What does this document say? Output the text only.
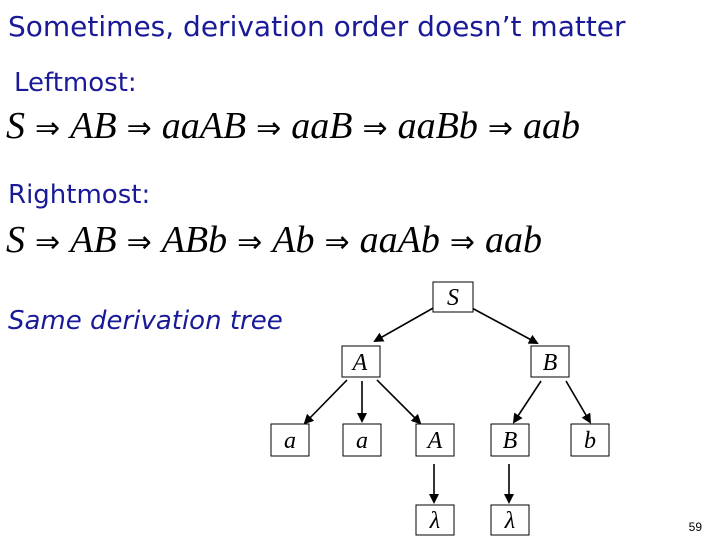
Sometimes, derivation order doesn’t matter
Leftmost:
S ⇒ AB ⇒ aaAB ⇒ aaB ⇒ aaBb ⇒ aab
Rightmost:
S ⇒ AB ⇒ ABb ⇒ Ab ⇒ aaAb ⇒ aab
Same derivation tree
S
A	B
a	a A	B	b
λ	λ	59
